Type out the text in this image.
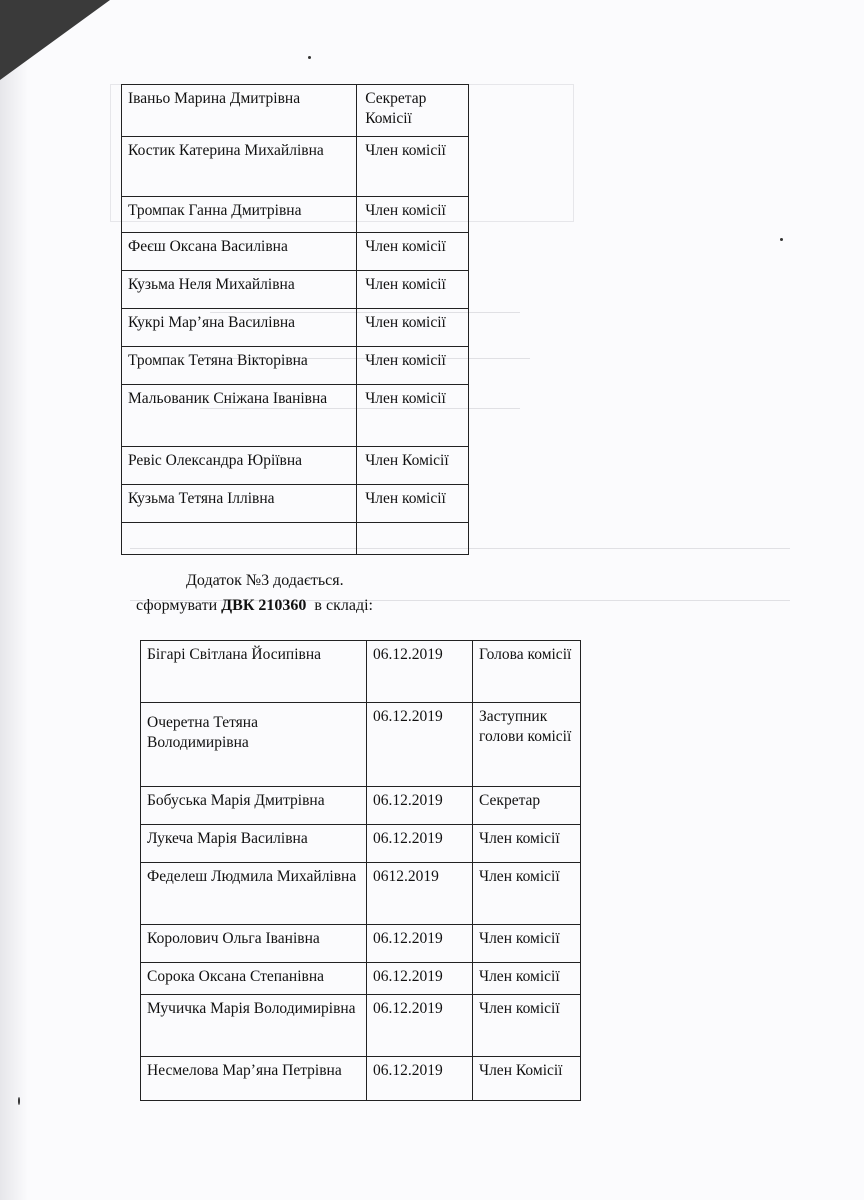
Іваньо Марина Дмитрівна	Секретар Комісії
Костик Катерина Михайлівна	Член комісії
Тромпак Ганна Дмитрівна	Член комісії
Феєш Оксана Василівна	Член комісії
Кузьма Неля Михайлівна	Член комісії
Кукрі Мар’яна Василівна	Член комісії
Тромпак Тетяна Вікторівна	Член комісії
Мальованик Сніжана Іванівна	Член комісії
Ревіс Олександра Юріївна	Член Комісії
Кузьма Тетяна Іллівна	Член комісії

Додаток №3 додається.
сформувати ДВК 210360  в складі:
Бігарі Світлана Йосипівна	06.12.2019	Голова комісії
Очеретна Тетяна Володимирівна	06.12.2019	Заступник голови комісії
Бобуська Марія Дмитрівна	06.12.2019	Секретар
Лукеча Марія Василівна	06.12.2019	Член комісії
Феделеш Людмила Михайлівна	0612.2019	Член комісії
Королович Ольга Іванівна	06.12.2019	Член комісії
Сорока Оксана Степанівна	06.12.2019	Член комісії
Мучичка Марія Володимирівна	06.12.2019	Член комісії
Несмелова Мар’яна Петрівна	06.12.2019	Член Комісії
